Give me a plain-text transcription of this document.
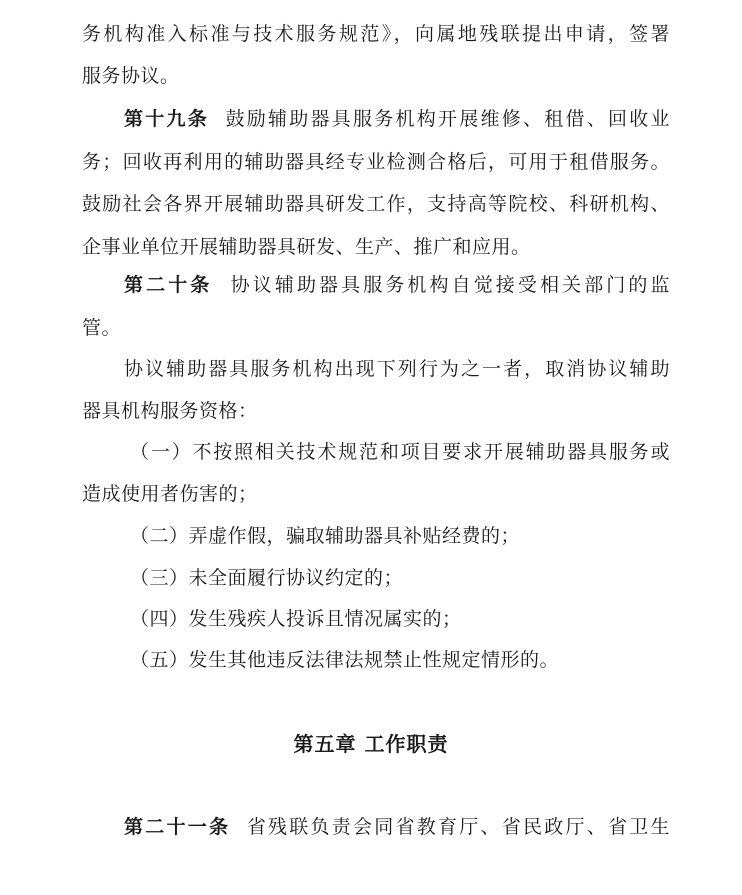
务机构准入标准与技术服务规范》，向属地残联提出申请，签署
服务协议。
第十九条 鼓励辅助器具服务机构开展维修、租借、回收业
务；回收再利用的辅助器具经专业检测合格后，可用于租借服务。
鼓励社会各界开展辅助器具研发工作，支持高等院校、科研机构、
企事业单位开展辅助器具研发、生产、推广和应用。
第二十条 协议辅助器具服务机构自觉接受相关部门的监
管。
协议辅助器具服务机构出现下列行为之一者，取消协议辅助
器具机构服务资格：
（一）不按照相关技术规范和项目要求开展辅助器具服务或
造成使用者伤害的；
（二）弄虚作假，骗取辅助器具补贴经费的；
（三）未全面履行协议约定的；
（四）发生残疾人投诉且情况属实的；
（五）发生其他违反法律法规禁止性规定情形的。
第五章 工作职责
第二十一条 省残联负责会同省教育厅、省民政厅、省卫生
